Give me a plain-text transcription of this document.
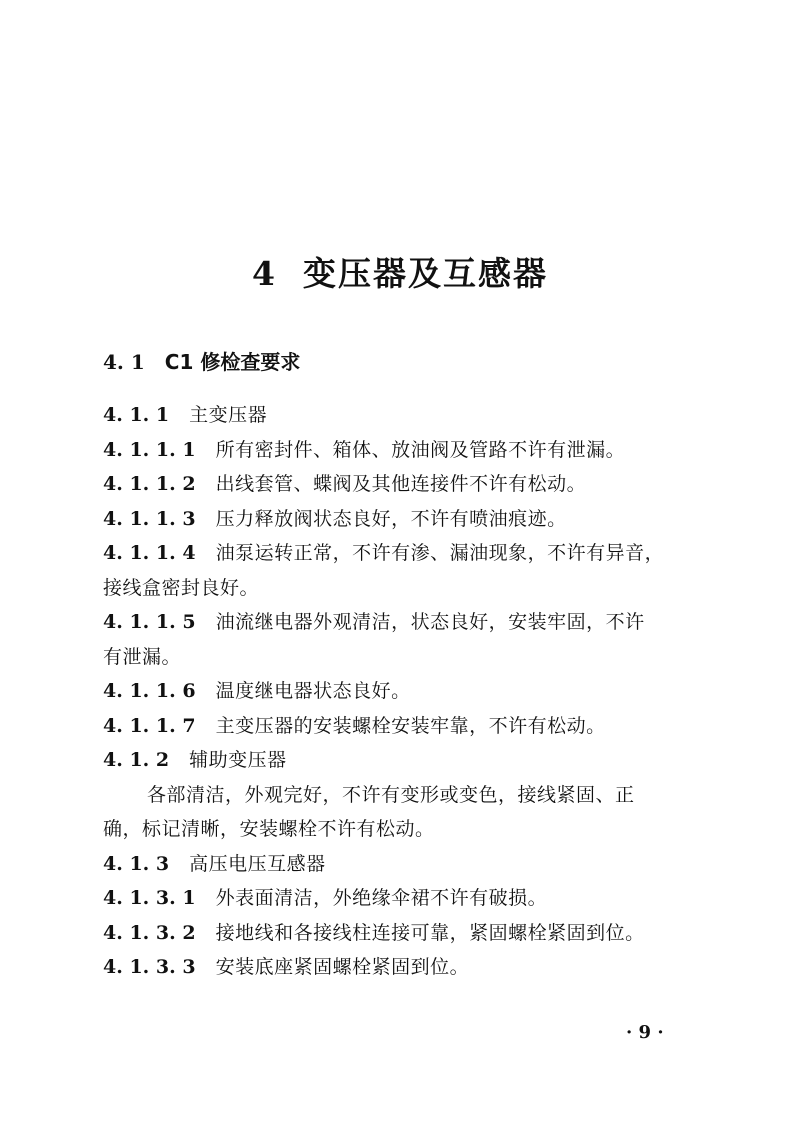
4 变压器及互感器
4. 1 C1 修检查要求
4. 1. 1 主变压器
4. 1. 1. 1 所有密封件、箱体、放油阀及管路不许有泄漏。
4. 1. 1. 2 出线套管、蝶阀及其他连接件不许有松动。
4. 1. 1. 3 压力释放阀状态良好，不许有喷油痕迹。
4. 1. 1. 4 油泵运转正常，不许有渗、漏油现象，不许有异音，
接线盒密封良好。
4. 1. 1. 5 油流继电器外观清洁，状态良好，安装牢固，不许
有泄漏。
4. 1. 1. 6 温度继电器状态良好。
4. 1. 1. 7 主变压器的安装螺栓安装牢靠，不许有松动。
4. 1. 2 辅助变压器
各部清洁，外观完好，不许有变形或变色，接线紧固、正
确，标记清晰，安装螺栓不许有松动。
4. 1. 3 高压电压互感器
4. 1. 3. 1 外表面清洁，外绝缘伞裙不许有破损。
4. 1. 3. 2 接地线和各接线柱连接可靠，紧固螺栓紧固到位。
4. 1. 3. 3 安装底座紧固螺栓紧固到位。
· 9 ·
